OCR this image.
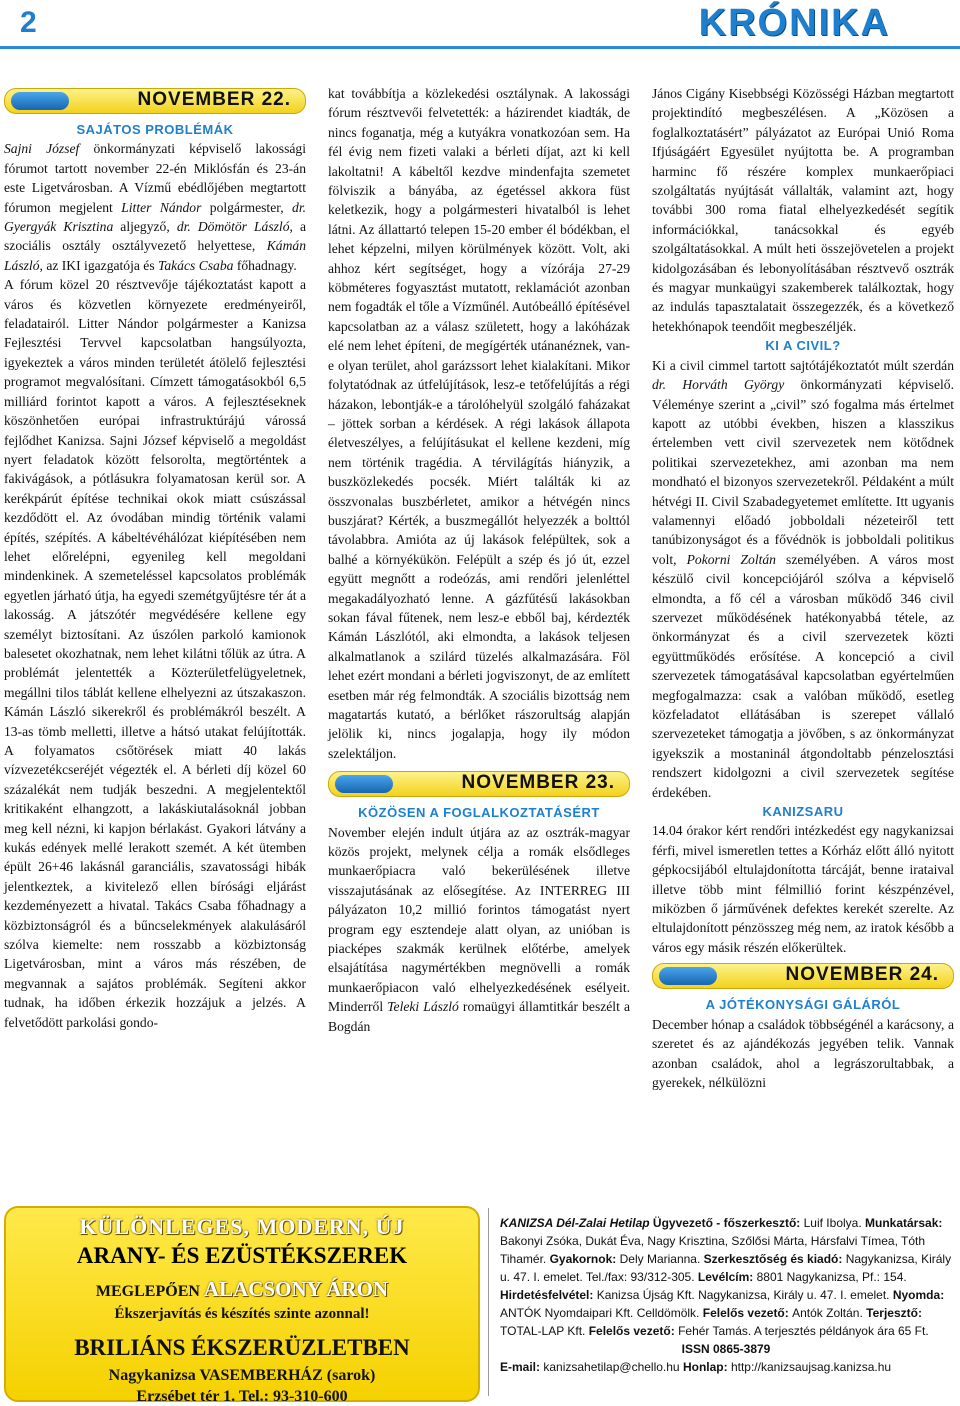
2	KRÓNIKA
NOVEMBER 22.

SAJÁTOS PROBLÉMÁK

Sajni József önkormányzati képviselő lakossági fórumot tartott november 22-én Miklósfán és 23-án este Ligetvárosban. A Vízmű ebédlőjében megtartott fórumon megjelent Litter Nándor polgármester, dr. Gyergyák Krisztina aljegyző, dr. Dömötör László, a szociális osztály osztályvezető helyettese, Kámán László, az IKI igazgatója és Takács Csaba főhadnagy.

A fórum közel 20 résztvevője tájékoztatást kapott a város és közvetlen környezete eredményeiről, feladatairól. Litter Nándor polgármester a Kanizsa Fejlesztési Tervvel kapcsolatban hangsúlyozta, igyekeztek a város minden területét átölelő fejlesztési programot megvalósítani. Címzett támogatásokból 6,5 milliárd forintot kapott a város. A fejlesztéseknek köszönhetően európai infrastruktúrájú várossá fejlődhet Kanizsa. Sajni József képviselő a megoldást nyert feladatok között felsorolta, megtörténtek a fakivágások, a pótlásukra folyamatosan kerül sor. A kerékpárút építése technikai okok miatt csúszással kezdődött el. Az óvodában mindig történik valami építés, szépítés. A kábeltévéhálózat kiépítésében nem lehet előrelépni, egyenileg kell megoldani mindenkinek. A szemeteléssel kapcsolatos problémák egyetlen járható útja, ha egyedi szemétgyűjtésre tér át a lakosság. A játszótér megvédésére kellene egy személyt biztosítani. Az úszólen parkoló kamionok balesetet okozhatnak, nem lehet kilátni tőlük az útra. A problémát jelentették a Közterületfelügyeletnek, megállni tilos táblát kellene elhelyezni az útszakaszon. Kámán László sikerekről és problémákról beszélt. A 13-as tömb melletti, illetve a hátsó utakat felújították. A folyamatos csőtörések miatt 40 lakás vízvezetékcseréjét végezték el. A bérleti díj közel 60 százalékát nem tudják beszedni. A megjelentektől kritikaként elhangzott, a lakáskiutalásoknál jobban meg kell nézni, ki kapjon bérlakást. Gyakori látvány a kukás edények mellé lerakott szemét. A két ütemben épült 26+46 lakásnál garanciális, szavatossági hibák jelentkeztek, a kivitelező ellen bírósági eljárást kezdeményezett a hivatal. Takács Csaba főhadnagy a közbiztonságról és a bűncselekmények alakulásáról szólva kiemelte: nem rosszabb a közbiztonság Ligetvárosban, mint a város más részében, de megvannak a sajátos problémák. Segíteni akkor tudnak, ha időben érkezik hozzájuk a jelzés. A felvetődött parkolási gondo-

kat továbbítja a közlekedési osztálynak. A lakossági fórum résztvevői felvetették: a házirendet kiadták, de nincs foganatja, még a kutyákra vonatkozóan sem. Ha fél évig nem fizeti valaki a bérleti díjat, azt ki kell lakoltatni! A kábeltől kezdve mindenfajta szemetet fölviszik a bányába, az égetéssel akkora füst keletkezik, hogy a polgármesteri hivatalból is lehet látni. Az állattartó telepen 15-20 ember él bódékban, el lehet képzelni, milyen körülmények között. Volt, aki ahhoz kért segítséget, hogy a vízórája 27-29 köbméteres fogyasztást mutatott, reklamációt azonban nem fogadták el tőle a Vízműnél. Autóbeálló építésével kapcsolatban az a válasz született, hogy a lakóházak elé nem lehet építeni, de megígérték utánanéznek, van-e olyan terület, ahol garázssort lehet kialakítani. Mikor folytatódnak az útfelújítások, lesz-e tetőfelújítás a régi házakon, lebontják-e a tárolóhelyül szolgáló faházakat – jöttek sorban a kérdések. A régi lakások állapota életveszélyes, a felújításukat el kellene kezdeni, míg nem történik tragédia. A térvilágítás hiányzik, a buszközlekedés pocsék. Miért találták ki az összvonalas buszbérletet, amikor a hétvégén nincs buszjárat? Kérték, a buszmegállót helyezzék a bolttól távolabbra. Amióta az új lakások felépültek, sok a balhé a környékükön. Felépült a szép és jó út, ezzel együtt megnőtt a rodeózás, ami rendőri jelenléttel megakadályozható lenne. A gázfűtésű lakásokban sokan fával fűtenek, nem lesz-e ebből baj, kérdezték Kámán Lászlótól, aki elmondta, a lakások teljesen alkalmatlanok a szilárd tüzelés alkalmazására. Föl lehet ezért mondani a bérleti jogviszonyt, de az említett esetben már rég felmondták. A szociális bizottság nem magatartás kutató, a bérlőket rászorultság alapján jelölik ki, nincs jogalapja, hogy ily módon szelektáljon.

NOVEMBER 23.

KÖZÖSEN A FOGLALKOZTATÁSÉRT

November elején indult útjára az az osztrák-magyar közös projekt, melynek célja a romák elsődleges munkaerőpiacra való bekerülésének illetve visszajutásának az elősegítése. Az INTERREG III pályázaton 10,2 millió forintos támogatást nyert program egy esztendeje alatt olyan, az unióban is piacképes szakmák kerülnek előtérbe, amelyek elsajátítása nagymértékben megnövelli a romák munkaerőpiacon való elhelyezkedésének esélyeit. Minderről Teleki László romaügyi államtitkár beszélt a Bogdán

János Cigány Kisebbségi Közösségi Házban megtartott projektindító megbeszélésen. A „Közösen a foglalkoztatásért” pályázatot az Európai Unió Roma Ifjúságáért Egyesület nyújtotta be. A programban harminc fő részére komplex munkaerőpiaci szolgáltatás nyújtását vállalták, valamint azt, hogy további 300 roma fiatal elhelyezkedését segítik információkkal, tanácsokkal és egyéb szolgáltatásokkal. A múlt heti összejövetelen a projekt kidolgozásában és lebonyolításában résztvevő osztrák és magyar munkaügyi szakemberek találkoztak, hogy az indulás tapasztalatait összegezzék, és a következő hetekhónapok teendőit megbeszéljék.

KI A CIVIL?

Ki a civil cimmel tartott sajtótájékoztatót múlt szerdán dr. Horváth György önkormányzati képviselő. Véleménye szerint a „civil” szó fogalma más értelmet kapott az utóbbi években, hiszen a klasszikus értelemben vett civil szervezetek nem kötődnek politikai szervezetekhez, ami azonban ma nem mondható el bizonyos szervezetekről. Példaként a múlt hétvégi II. Civil Szabadegyetemet említette. Itt ugyanis valamennyi előadó jobboldali nézeteiről tett tanúbizonyságot és a fővédnök is jobboldali politikus volt, Pokorni Zoltán személyében. A város most készülő civil koncepciójáról szólva a képviselő elmondta, a fő cél a városban működő 346 civil szervezet működésének hatékonyabbá tétele, az önkormányzat és a civil szervezetek közti együttműködés erősítése. A koncepció a civil szervezetek támogatásával kapcsolatban egyértelműen megfogalmazza: csak a valóban működő, esetleg közfeladatot ellátásában is szerepet vállaló szervezeteket támogatja a jövőben, s az önkormányzat igyekszik a mostaninál átgondoltabb pénzelosztási rendszert kidolgozni a civil szervezetek segítése érdekében.

KANIZSARU

14.04 órakor kért rendőri intézkedést egy nagykanizsai férfi, mivel ismeretlen tettes a Kórház előtt álló nyitott gépkocsijából eltulajdonította tárcáját, benne irataival illetve több mint félmillió forint készpénzével, miközben ő járművének defektes kerekét szerelte. Az eltulajdonított pénzösszeg még nem, az iratok később a város egy másik részén előkerültek.

NOVEMBER 24.

A JÓTÉKONYSÁGI GÁLÁRÓL

December hónap a családok többségénél a karácsony, a szeretet és az ajándékozás jegyében telik. Vannak azonban családok, ahol a legrászorultabbak, a gyerekek, nélkülözni

KÜLÖNLEGES, MODERN, ÚJ
ARANY- ÉS EZÜSTÉKSZEREK
MEGLEPŐEN ALACSONY ÁRON
Ékszerjavítás és készítés szinte azonnal!
BRILIÁNS ÉKSZERÜZLETBEN
Nagykanizsa VASEMBERHÁZ (sarok)
Erzsébet tér 1. Tel.: 93-310-600
KANIZSA Dél-Zalai Hetilap Ügyvezető - főszerkesztő: Luif Ibolya. Munkatársak: Bakonyi Zsóka, Dukát Éva, Nagy Krisztina, Szőlősi Márta, Hársfalvi Tímea, Tóth Tihamér. Gyakornok: Dely Marianna. Szerkesztőség és kiadó: Nagykanizsa, Király u. 47. I. emelet. Tel./fax: 93/312-305. Levélcím: 8801 Nagykanizsa, Pf.: 154. Hirdetésfelvétel: Kanizsa Újság Kft. Nagykanizsa, Király u. 47. I. emelet. Nyomda: ANTÓK Nyomdaipari Kft. Celldömölk. Felelős vezető: Antók Zoltán. Terjesztő: TOTAL-LAP Kft. Felelős vezető: Fehér Tamás. A terjesztés példányok ára 65 Ft.
ISSN 0865-3879
E-mail: kanizsahetilap@chello.hu Honlap: http://kanizsaujsag.kanizsa.hu
